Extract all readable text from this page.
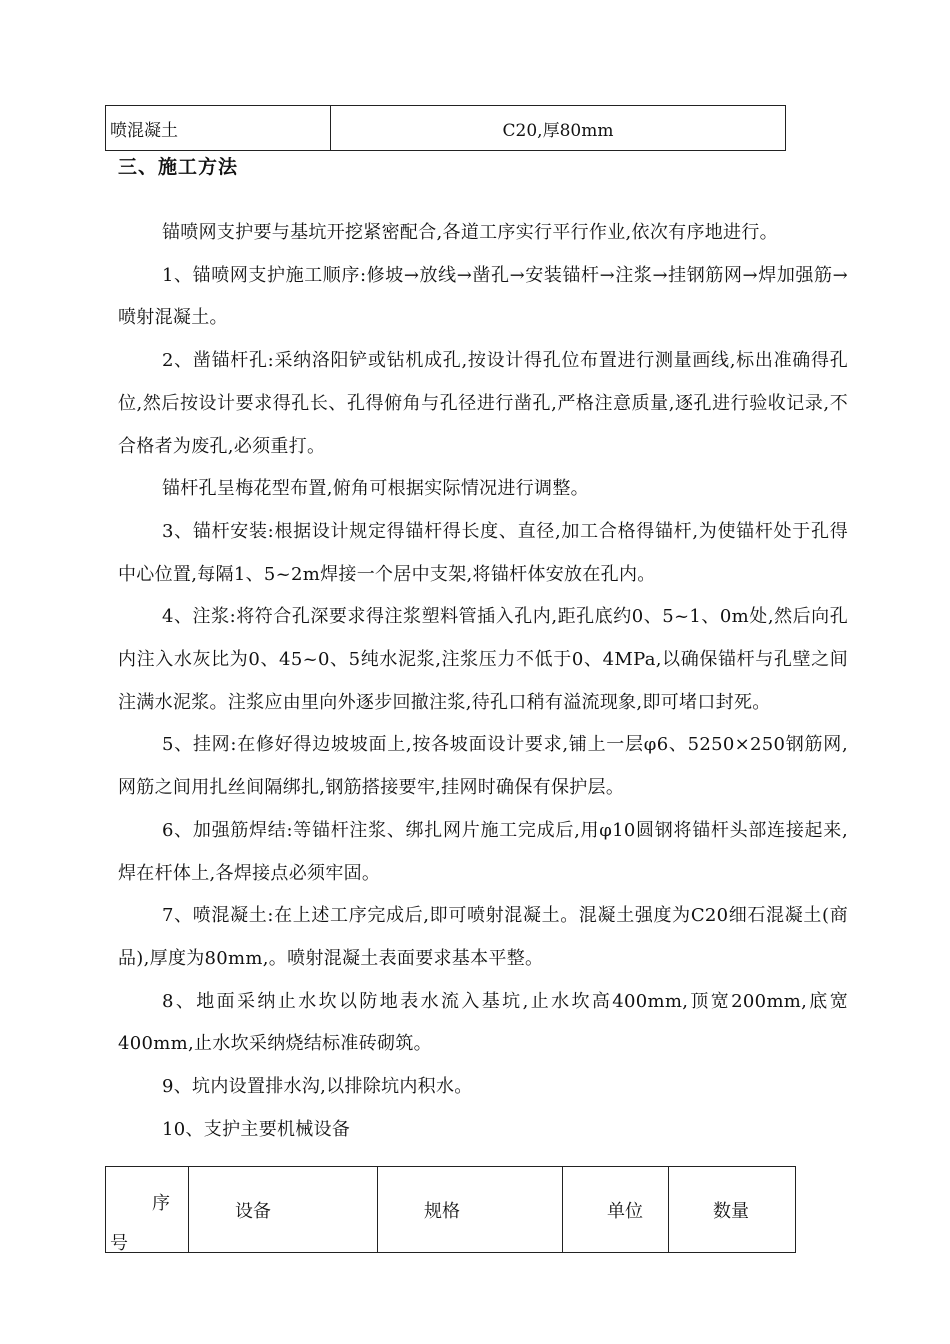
喷混凝土	C20,厚80mm
三、施工方法

锚喷网支护要与基坑开挖紧密配合,各道工序实行平行作业,依次有序地进行。

1、锚喷网支护施工顺序:修坡→放线→凿孔→安装锚杆→注浆→挂钢筋网→焊加强筋→喷射混凝土。

2、凿锚杆孔:采纳洛阳铲或钻机成孔,按设计得孔位布置进行测量画线,标出准确得孔位,然后按设计要求得孔长、孔得俯角与孔径进行凿孔,严格注意质量,逐孔进行验收记录,不合格者为废孔,必须重打。

锚杆孔呈梅花型布置,俯角可根据实际情况进行调整。

3、锚杆安装:根据设计规定得锚杆得长度、直径,加工合格得锚杆,为使锚杆处于孔得中心位置,每隔1、5~2m焊接一个居中支架,将锚杆体安放在孔内。

4、注浆:将符合孔深要求得注浆塑料管插入孔内,距孔底约0、5~1、0m处,然后向孔内注入水灰比为0、45~0、5纯水泥浆,注浆压力不低于0、4MPa,以确保锚杆与孔壁之间注满水泥浆。注浆应由里向外逐步回撤注浆,待孔口稍有溢流现象,即可堵口封死。

5、挂网:在修好得边坡坡面上,按各坡面设计要求,铺上一层φ6、5250×250钢筋网,网筋之间用扎丝间隔绑扎,钢筋搭接要牢,挂网时确保有保护层。

6、加强筋焊结:等锚杆注浆、绑扎网片施工完成后,用φ10圆钢将锚杆头部连接起来,焊在杆体上,各焊接点必须牢固。

7、喷混凝土:在上述工序完成后,即可喷射混凝土。混凝土强度为C20细石混凝土(商品),厚度为80mm,。喷射混凝土表面要求基本平整。

8、地面采纳止水坎以防地表水流入基坑,止水坎高400mm,顶宽200mm,底宽400mm,止水坎采纳烧结标准砖砌筑。

9、坑内设置排水沟,以排除坑内积水。

10、支护主要机械设备

序
号
	设备	规格	单位	数量
